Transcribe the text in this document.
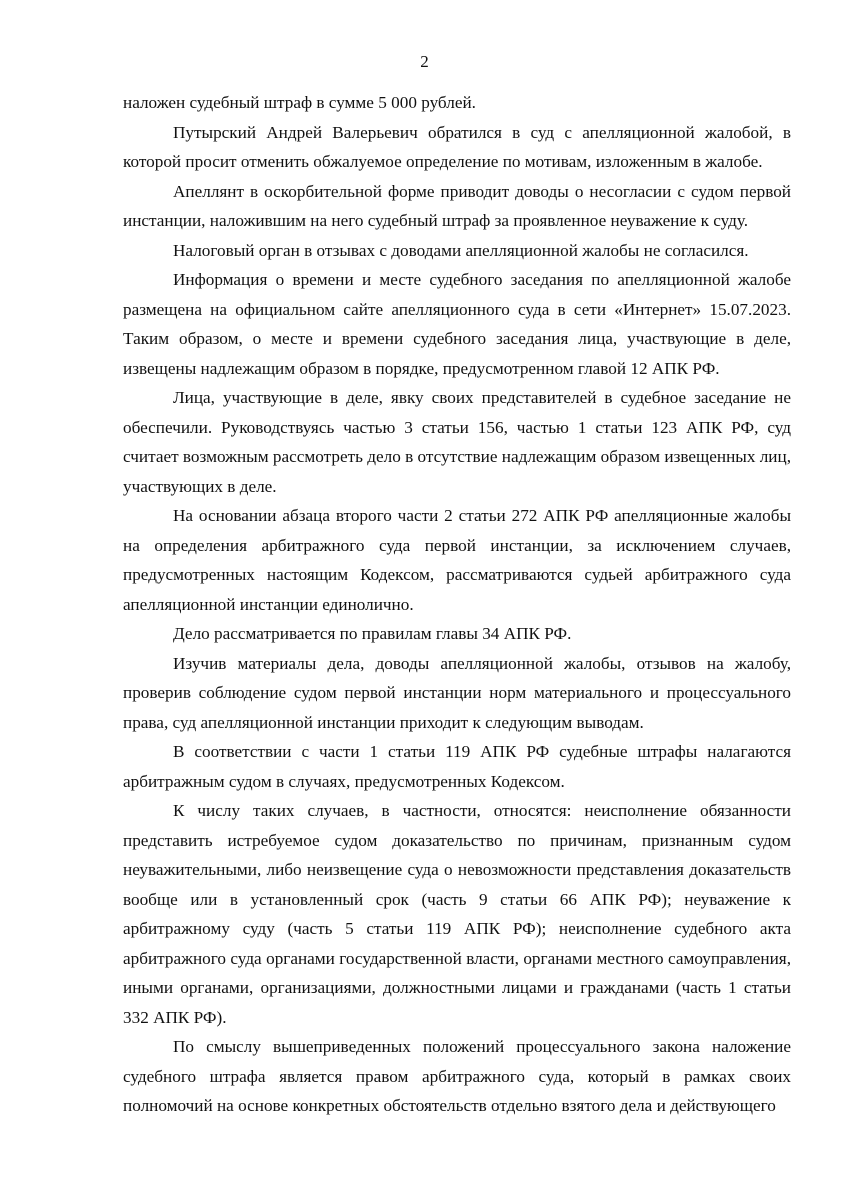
2

наложен судебный штраф в сумме 5 000 рублей.

Путырский Андрей Валерьевич обратился в суд с апелляционной жалобой, в которой просит отменить обжалуемое определение по мотивам, изложенным в жалобе.

Апеллянт в оскорбительной форме приводит доводы о несогласии с судом первой инстанции, наложившим на него судебный штраф за проявленное неуважение к суду.

Налоговый орган в отзывах с доводами апелляционной жалобы не согласился.

Информация о времени и месте судебного заседания по апелляционной жалобе размещена на официальном сайте апелляционного суда в сети «Интернет» 15.07.2023. Таким образом, о месте и времени судебного заседания лица, участвующие в деле, извещены надлежащим образом в порядке, предусмотренном главой 12 АПК РФ.

Лица, участвующие в деле, явку своих представителей в судебное заседание не обеспечили. Руководствуясь частью 3 статьи 156, частью 1 статьи 123 АПК РФ, суд считает возможным рассмотреть дело в отсутствие надлежащим образом извещенных лиц, участвующих в деле.

На основании абзаца второго части 2 статьи 272 АПК РФ апелляционные жалобы на определения арбитражного суда первой инстанции, за исключением случаев, предусмотренных настоящим Кодексом, рассматриваются судьей арбитражного суда апелляционной инстанции единолично.

Дело рассматривается по правилам главы 34 АПК РФ.

Изучив материалы дела, доводы апелляционной жалобы, отзывов на жалобу, проверив соблюдение судом первой инстанции норм материального и процессуального права, суд апелляционной инстанции приходит к следующим выводам.

В соответствии с части 1 статьи 119 АПК РФ судебные штрафы налагаются арбитражным судом в случаях, предусмотренных Кодексом.

К числу таких случаев, в частности, относятся: неисполнение обязанности представить истребуемое судом доказательство по причинам, признанным судом неуважительными, либо неизвещение суда о невозможности представления доказательств вообще или в установленный срок (часть 9 статьи 66 АПК РФ); неуважение к арбитражному суду (часть 5 статьи 119 АПК РФ); неисполнение судебного акта арбитражного суда органами государственной власти, органами местного самоуправления, иными органами, организациями, должностными лицами и гражданами (часть 1 статьи 332 АПК РФ).

По смыслу вышеприведенных положений процессуального закона наложение судебного штрафа является правом арбитражного суда, который в рамках своих полномочий на основе конкретных обстоятельств отдельно взятого дела и действующего
